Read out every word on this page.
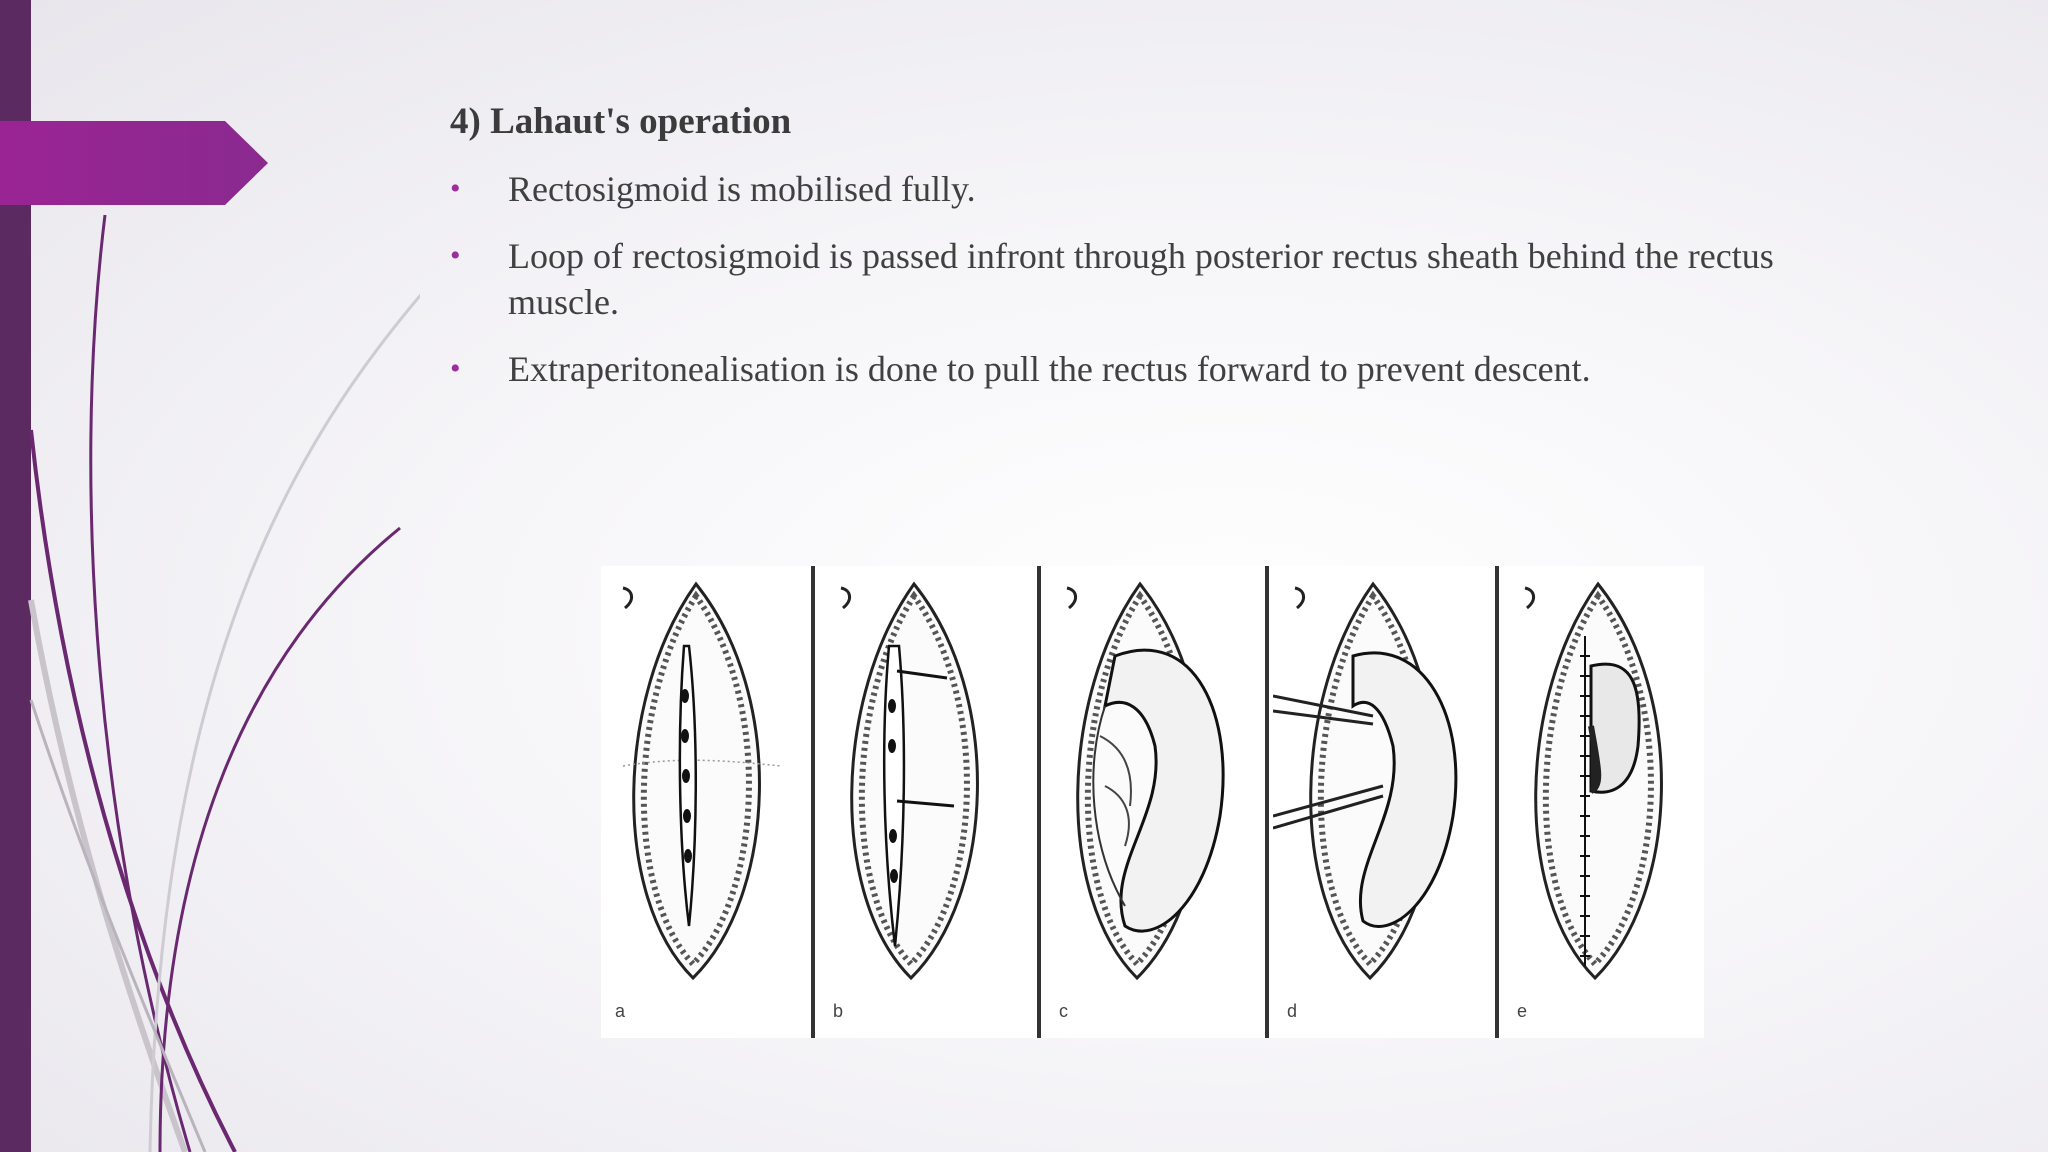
4) Lahaut's operation
• Rectosigmoid is mobilised fully.
• Loop of rectosigmoid is passed infront through posterior rectus sheath behind the rectus muscle.
• Extraperitonealisation is done to pull the rectus forward to prevent descent.
a	b	c	d	e
